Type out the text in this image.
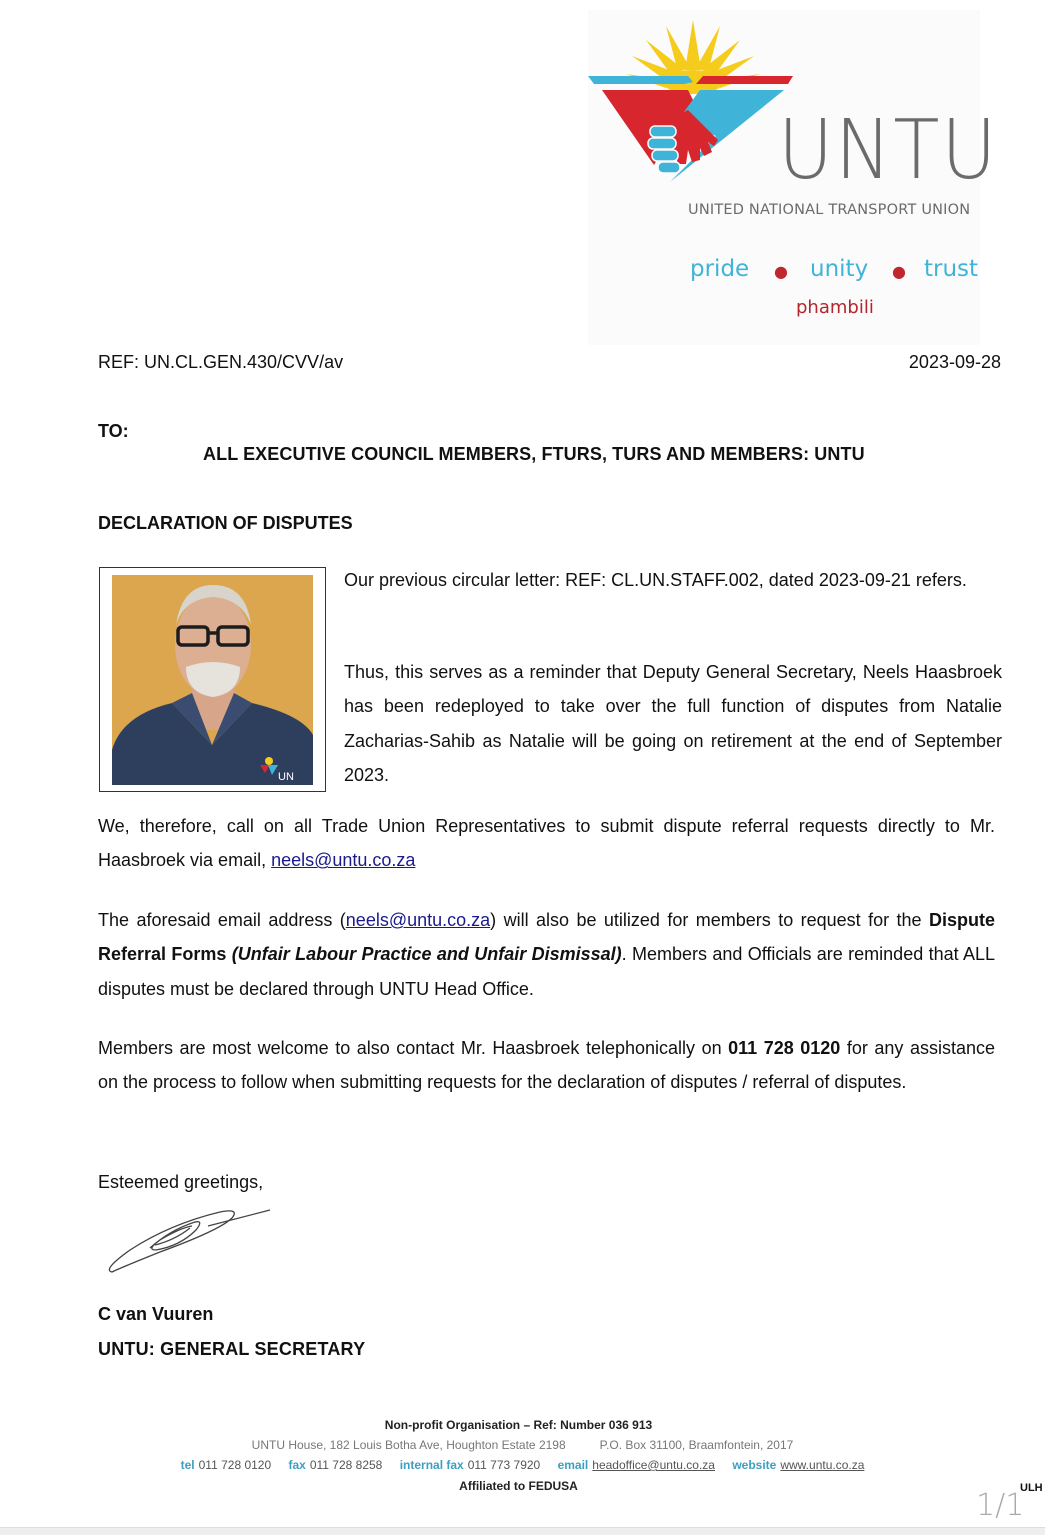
UNTU
UNITED NATIONAL TRANSPORT UNION
pride ● unity ● trust
phambili
REF: UN.CL.GEN.430/CVV/av	2023-09-28
TO:
ALL EXECUTIVE COUNCIL MEMBERS, FTURS, TURS AND MEMBERS: UNTU
DECLARATION OF DISPUTES
UN
Our previous circular letter: REF: CL.UN.STAFF.002, dated 2023-09-21 refers.
Thus, this serves as a reminder that Deputy General Secretary, Neels Haasbroek has been redeployed to take over the full function of disputes from Natalie Zacharias-Sahib as Natalie will be going on retirement at the end of September 2023.
We, therefore, call on all Trade Union Representatives to submit dispute referral requests directly to Mr. Haasbroek via email, neels@untu.co.za
The aforesaid email address (neels@untu.co.za) will also be utilized for members to request for the Dispute Referral Forms (Unfair Labour Practice and Unfair Dismissal). Members and Officials are reminded that ALL disputes must be declared through UNTU Head Office.
Members are most welcome to also contact Mr. Haasbroek telephonically on 011 728 0120 for any assistance on the process to follow when submitting requests for the declaration of disputes / referral of disputes.
Esteemed greetings,
C van Vuuren
UNTU: GENERAL SECRETARY
Non-profit Organisation – Ref: Number 036 913
UNTU House, 182 Louis Botha Ave, Houghton Estate 2198	P.O. Box 31100, Braamfontein, 2017
tel 011 728 0120 fax 011 728 8258 internal fax 011 773 7920 email headoffice@untu.co.za website www.untu.co.za
Affiliated to FEDUSA	ULH
1/1
